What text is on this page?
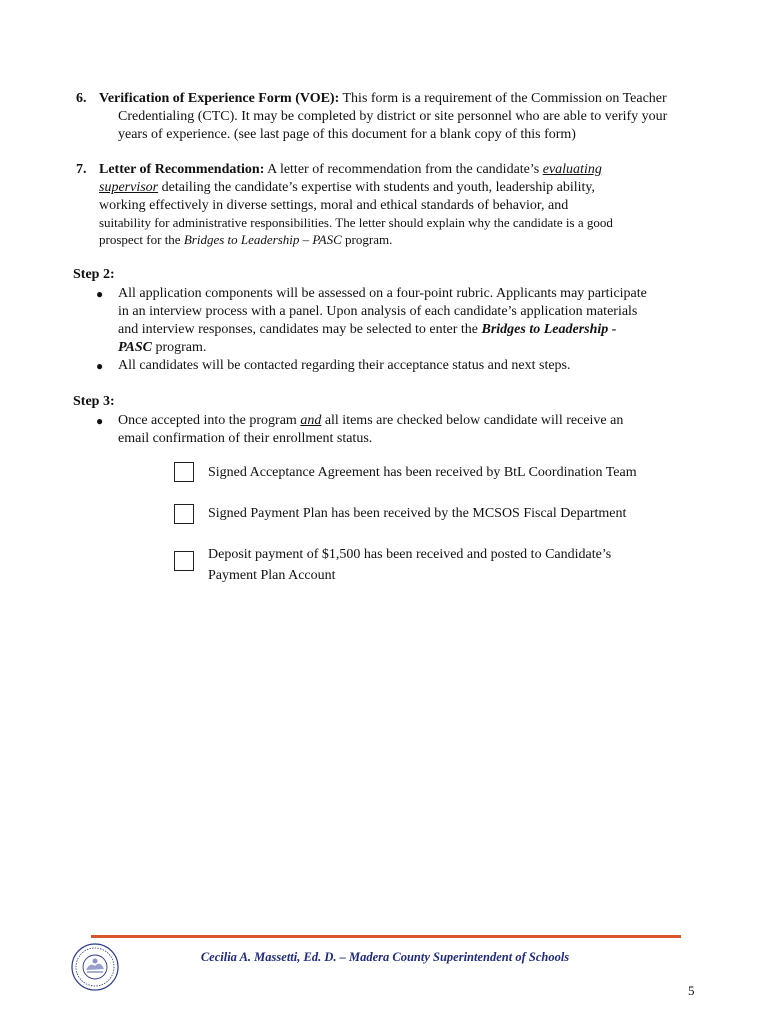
6. Verification of Experience Form (VOE): This form is a requirement of the Commission on Teacher
Credentialing (CTC). It may be completed by district or site personnel who are able to verify your
years of experience. (see last page of this document for a blank copy of this form)
7. Letter of Recommendation: A letter of recommendation from the candidate’s evaluating
supervisor detailing the candidate’s expertise with students and youth, leadership ability,
working effectively in diverse settings, moral and ethical standards of behavior, and
suitability for administrative responsibilities. The letter should explain why the candidate is a good
prospect for the Bridges to Leadership – PASC program.
Step 2:
● All application components will be assessed on a four-point rubric. Applicants may participate
in an interview process with a panel. Upon analysis of each candidate’s application materials
and interview responses, candidates may be selected to enter the Bridges to Leadership -
PASC program.
● All candidates will be contacted regarding their acceptance status and next steps.
Step 3:
● Once accepted into the program and all items are checked below candidate will receive an
email confirmation of their enrollment status.
Signed Acceptance Agreement has been received by BtL Coordination Team
Signed Payment Plan has been received by the MCSOS Fiscal Department
Deposit payment of $1,500 has been received and posted to Candidate’s
Payment Plan Account
Cecilia A. Massetti, Ed. D. – Madera County Superintendent of Schools
5
